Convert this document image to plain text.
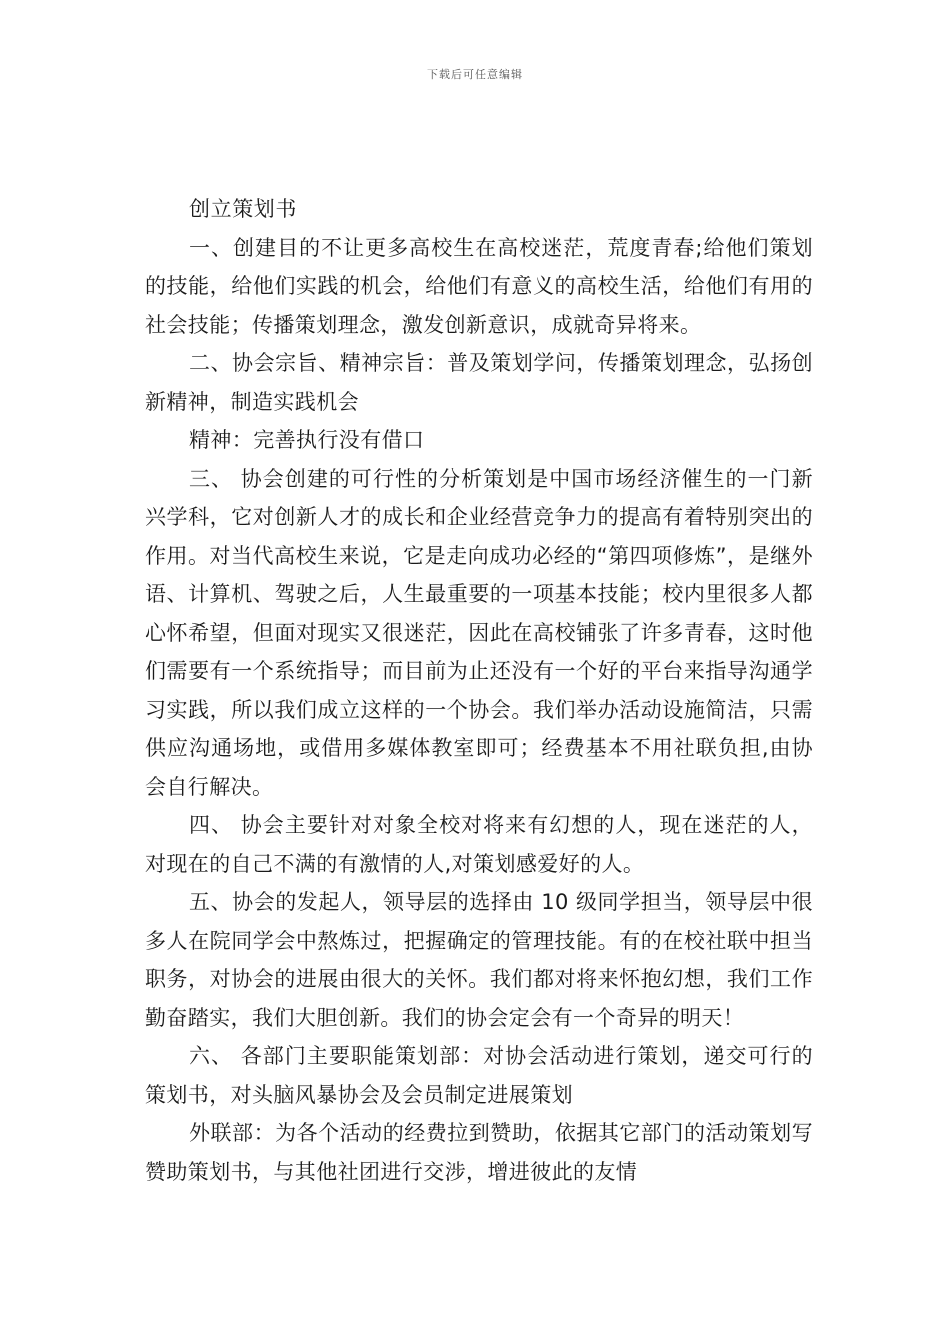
下载后可任意编辑

创立策划书

一、创建目的不让更多高校生在高校迷茫，荒度青春;给他们策划的技能，给他们实践的机会，给他们有意义的高校生活，给他们有用的社会技能；传播策划理念，激发创新意识，成就奇异将来。

二、协会宗旨、精神宗旨：普及策划学问，传播策划理念，弘扬创新精神，制造实践机会

精神：完善执行没有借口

三、 协会创建的可行性的分析策划是中国市场经济催生的一门新兴学科，它对创新人才的成长和企业经营竞争力的提高有着特别突出的作用。对当代高校生来说，它是走向成功必经的“第四项修炼”，是继外语、计算机、驾驶之后，人生最重要的一项基本技能；校内里很多人都心怀希望，但面对现实又很迷茫，因此在高校铺张了许多青春，这时他们需要有一个系统指导；而目前为止还没有一个好的平台来指导沟通学习实践，所以我们成立这样的一个协会。我们举办活动设施简洁，只需供应沟通场地，或借用多媒体教室即可；经费基本不用社联负担,由协会自行解决。

四、 协会主要针对对象全校对将来有幻想的人，现在迷茫的人，对现在的自己不满的有激情的人,对策划感爱好的人。

五、协会的发起人，领导层的选择由 10 级同学担当，领导层中很多人在院同学会中熬炼过，把握确定的管理技能。有的在校社联中担当职务，对协会的进展由很大的关怀。我们都对将来怀抱幻想，我们工作勤奋踏实，我们大胆创新。我们的协会定会有一个奇异的明天！

六、 各部门主要职能策划部：对协会活动进行策划，递交可行的策划书，对头脑风暴协会及会员制定进展策划

外联部：为各个活动的经费拉到赞助，依据其它部门的活动策划写赞助策划书，与其他社团进行交涉，增进彼此的友情
